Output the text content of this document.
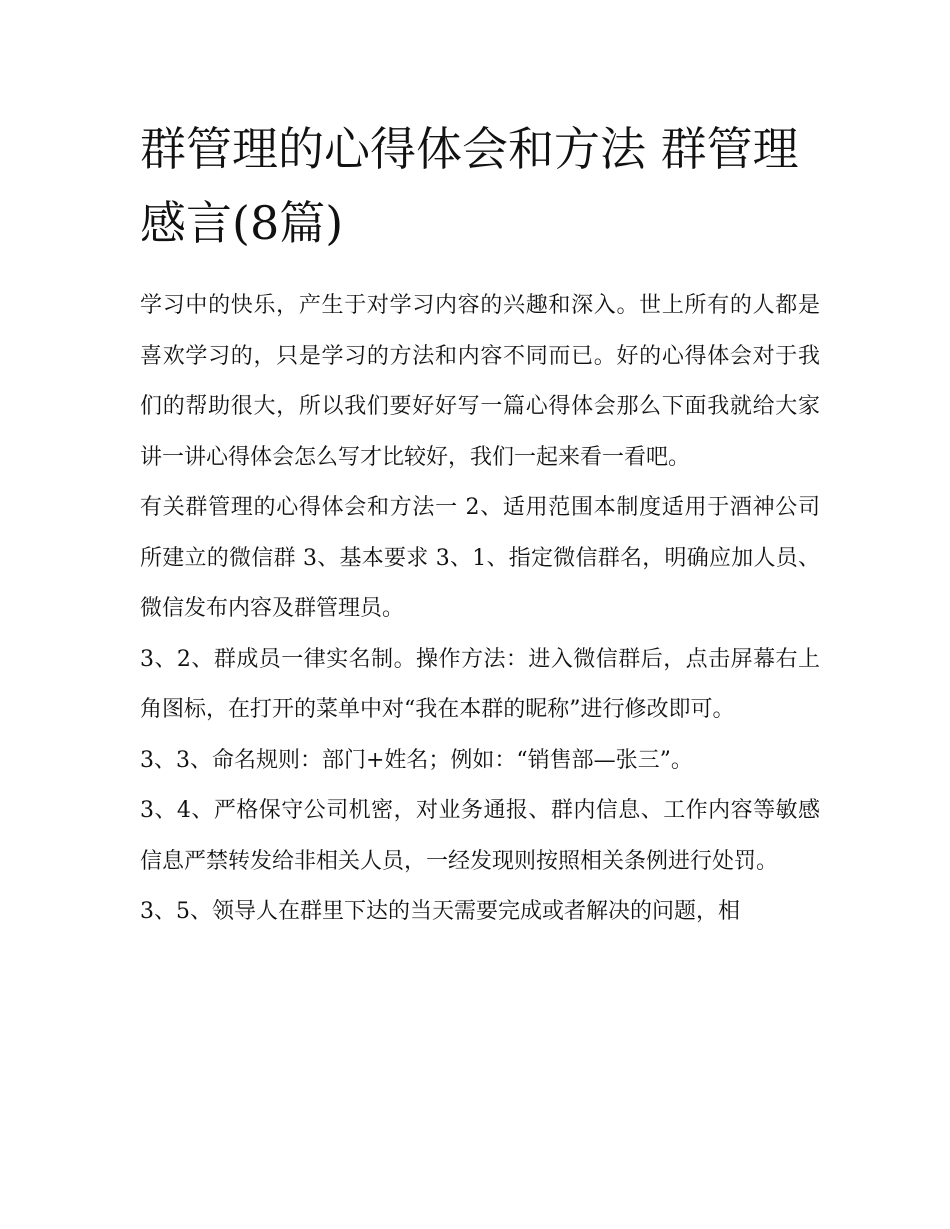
群管理的心得体会和方法 群管理感言(8篇)

学习中的快乐，产生于对学习内容的兴趣和深入。世上所有的人都是喜欢学习的，只是学习的方法和内容不同而已。好的心得体会对于我们的帮助很大，所以我们要好好写一篇心得体会那么下面我就给大家讲一讲心得体会怎么写才比较好，我们一起来看一看吧。

有关群管理的心得体会和方法一 2、适用范围本制度适用于酒神公司所建立的微信群 3、基本要求 3、1、指定微信群名，明确应加人员、微信发布内容及群管理员。

3、2、群成员一律实名制。操作方法：进入微信群后，点击屏幕右上角图标，在打开的菜单中对“我在本群的昵称”进行修改即可。

3、3、命名规则：部门+姓名；例如：“销售部—张三”。

3、4、严格保守公司机密，对业务通报、群内信息、工作内容等敏感信息严禁转发给非相关人员，一经发现则按照相关条例进行处罚。

3、5、领导人在群里下达的当天需要完成或者解决的问题，相
